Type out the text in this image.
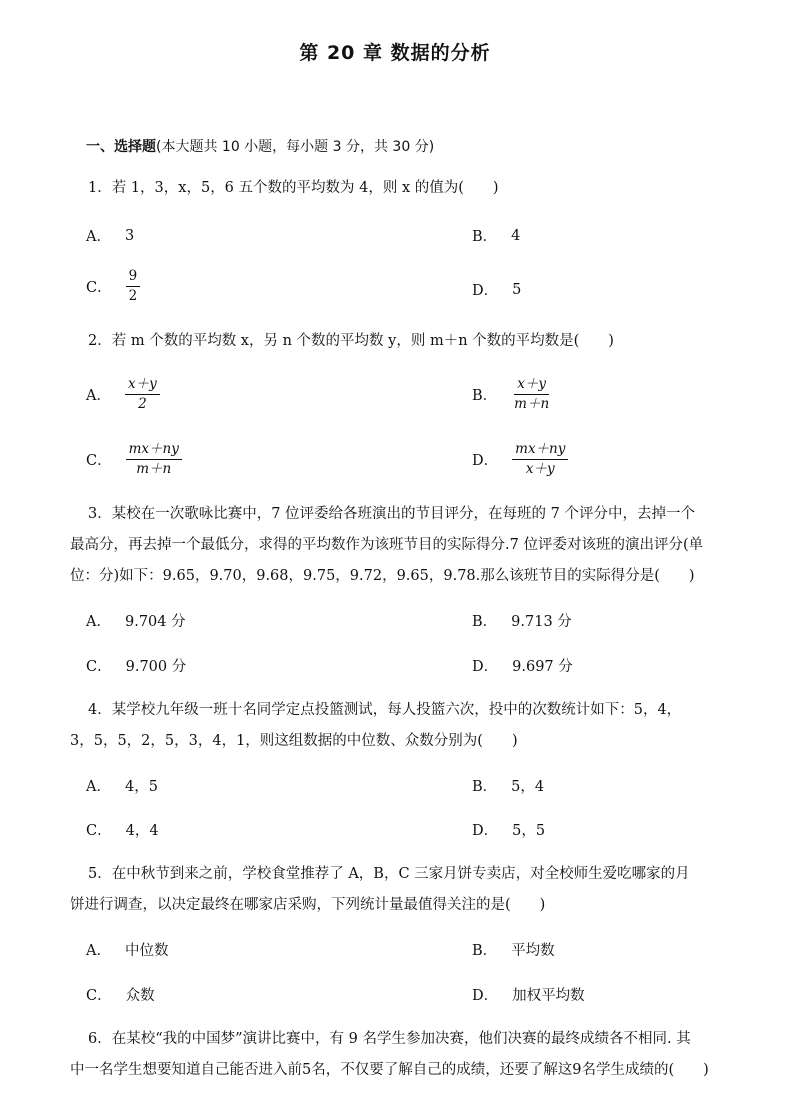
第 20 章 数据的分析
一、选择题(本大题共 10 小题，每小题 3 分，共 30 分)
1．若 1，3，x，5，6 五个数的平均数为 4，则 x 的值为(　　)
A． 3	B． 4
C． $\frac{9}{2}$	D． 5
2．若 m 个数的平均数 x，另 n 个数的平均数 y，则 m＋n 个数的平均数是(　　)
A． $\frac{x+y}{2}$	B． $\frac{x+y}{m+n}$
C． $\frac{mx+ny}{m+n}$	D． $\frac{mx+ny}{x+y}$
3．某校在一次歌咏比赛中，7 位评委给各班演出的节目评分，在每班的 7 个评分中，去掉一个
最高分，再去掉一个最低分，求得的平均数作为该班节目的实际得分.7 位评委对该班的演出评分(单
位：分)如下：9.65，9.70，9.68，9.75，9.72，9.65，9.78.那么该班节目的实际得分是(　　)
A． 9.704 分	B． 9.713 分
C． 9.700 分	D． 9.697 分
4．某学校九年级一班十名同学定点投篮测试，每人投篮六次，投中的次数统计如下：5，4，
3，5，5，2，5，3，4，1，则这组数据的中位数、众数分别为(　　)
A． 4，5	B． 5，4
C． 4，4	D． 5，5
5．在中秋节到来之前，学校食堂推荐了 A，B，C 三家月饼专卖店，对全校师生爱吃哪家的月
饼进行调查，以决定最终在哪家店采购，下列统计量最值得关注的是(　　)
A． 中位数	B． 平均数
C． 众数	D． 加权平均数
6．在某校“我的中国梦”演讲比赛中，有 9 名学生参加决赛，他们决赛的最终成绩各不相同. 其
中一名学生想要知道自己能否进入前5名，不仅要了解自己的成绩，还要了解这9名学生成绩的(　　)
